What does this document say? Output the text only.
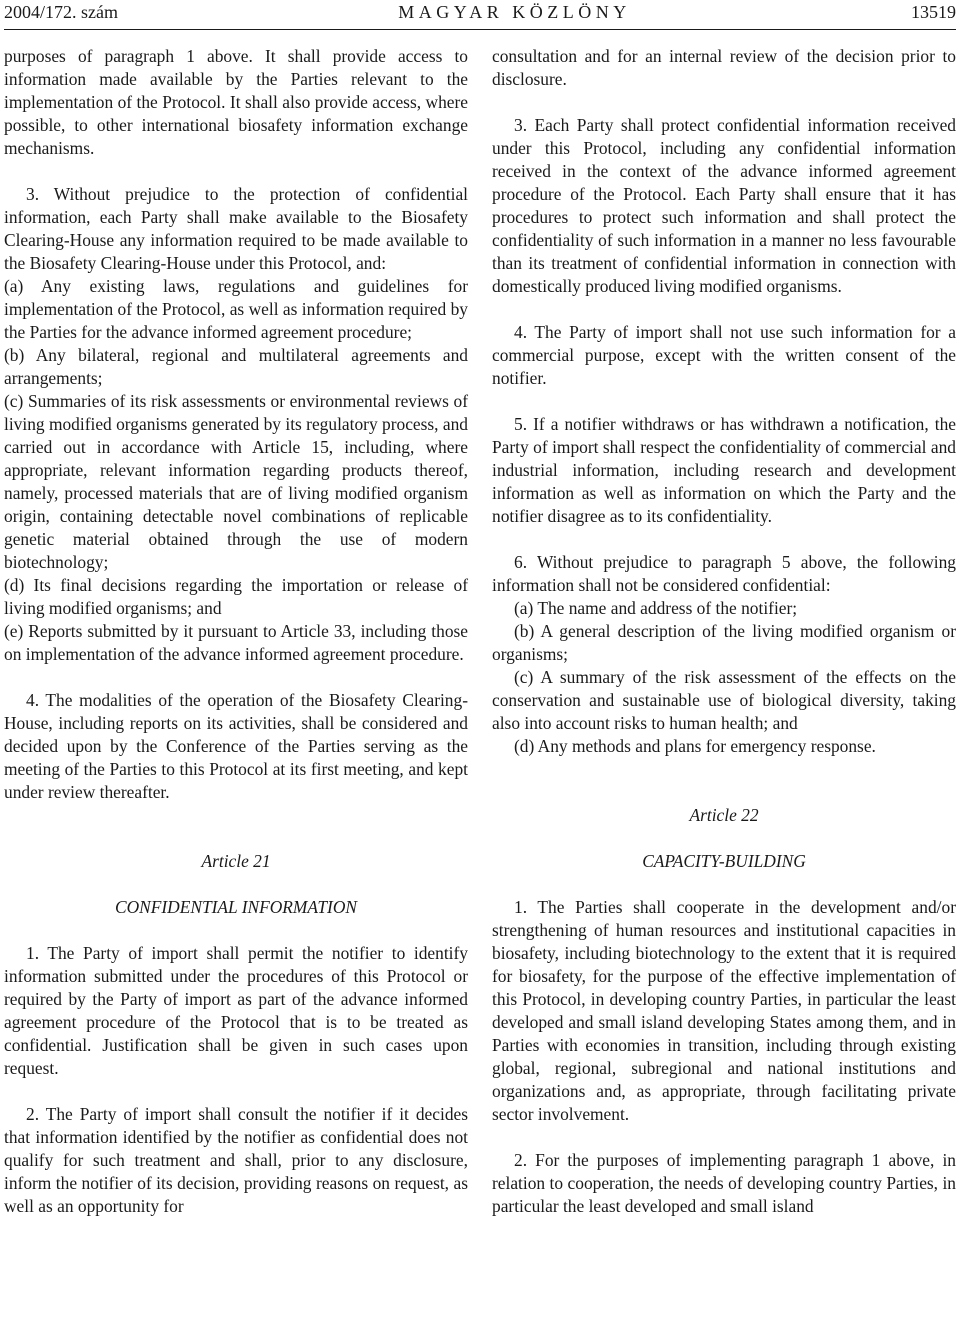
2004/172. szám	MAGYAR KÖZLÖNY	13519

purposes of paragraph 1 above. It shall provide access to information made available by the Parties relevant to the implementation of the Protocol. It shall also provide access, where possible, to other international biosafety information exchange mechanisms.

3. Without prejudice to the protection of confidential information, each Party shall make available to the Biosafety Clearing-House any information required to be made available to the Biosafety Clearing-House under this Protocol, and:

(a) Any existing laws, regulations and guidelines for implementation of the Protocol, as well as information required by the Parties for the advance informed agreement procedure;

(b) Any bilateral, regional and multilateral agreements and arrangements;

(c) Summaries of its risk assessments or environmental reviews of living modified organisms generated by its regulatory process, and carried out in accordance with Article 15, including, where appropriate, relevant information regarding products thereof, namely, processed materials that are of living modified organism origin, containing detectable novel combinations of replicable genetic material obtained through the use of modern biotechnology;

(d) Its final decisions regarding the importation or release of living modified organisms; and

(e) Reports submitted by it pursuant to Article 33, including those on implementation of the advance informed agreement procedure.

4. The modalities of the operation of the Biosafety Clearing-House, including reports on its activities, shall be considered and decided upon by the Conference of the Parties serving as the meeting of the Parties to this Protocol at its first meeting, and kept under review thereafter.

Article 21

CONFIDENTIAL INFORMATION

1. The Party of import shall permit the notifier to identify information submitted under the procedures of this Protocol or required by the Party of import as part of the advance informed agreement procedure of the Protocol that is to be treated as confidential. Justification shall be given in such cases upon request.

2. The Party of import shall consult the notifier if it decides that information identified by the notifier as confidential does not qualify for such treatment and shall, prior to any disclosure, inform the notifier of its decision, providing reasons on request, as well as an opportunity for

consultation and for an internal review of the decision prior to disclosure.

3. Each Party shall protect confidential information received under this Protocol, including any confidential information received in the context of the advance informed agreement procedure of the Protocol. Each Party shall ensure that it has procedures to protect such information and shall protect the confidentiality of such information in a manner no less favourable than its treatment of confidential information in connection with domestically produced living modified organisms.

4. The Party of import shall not use such information for a commercial purpose, except with the written consent of the notifier.

5. If a notifier withdraws or has withdrawn a notification, the Party of import shall respect the confidentiality of commercial and industrial information, including research and development information as well as information on which the Party and the notifier disagree as to its confidentiality.

6. Without prejudice to paragraph 5 above, the following information shall not be considered confidential:

(a) The name and address of the notifier;

(b) A general description of the living modified organism or organisms;

(c) A summary of the risk assessment of the effects on the conservation and sustainable use of biological diversity, taking also into account risks to human health; and

(d) Any methods and plans for emergency response.

Article 22

CAPACITY-BUILDING

1. The Parties shall cooperate in the development and/or strengthening of human resources and institutional capacities in biosafety, including biotechnology to the extent that it is required for biosafety, for the purpose of the effective implementation of this Protocol, in developing country Parties, in particular the least developed and small island developing States among them, and in Parties with economies in transition, including through existing global, regional, subregional and national institutions and organizations and, as appropriate, through facilitating private sector involvement.

2. For the purposes of implementing paragraph 1 above, in relation to cooperation, the needs of developing country Parties, in particular the least developed and small island
